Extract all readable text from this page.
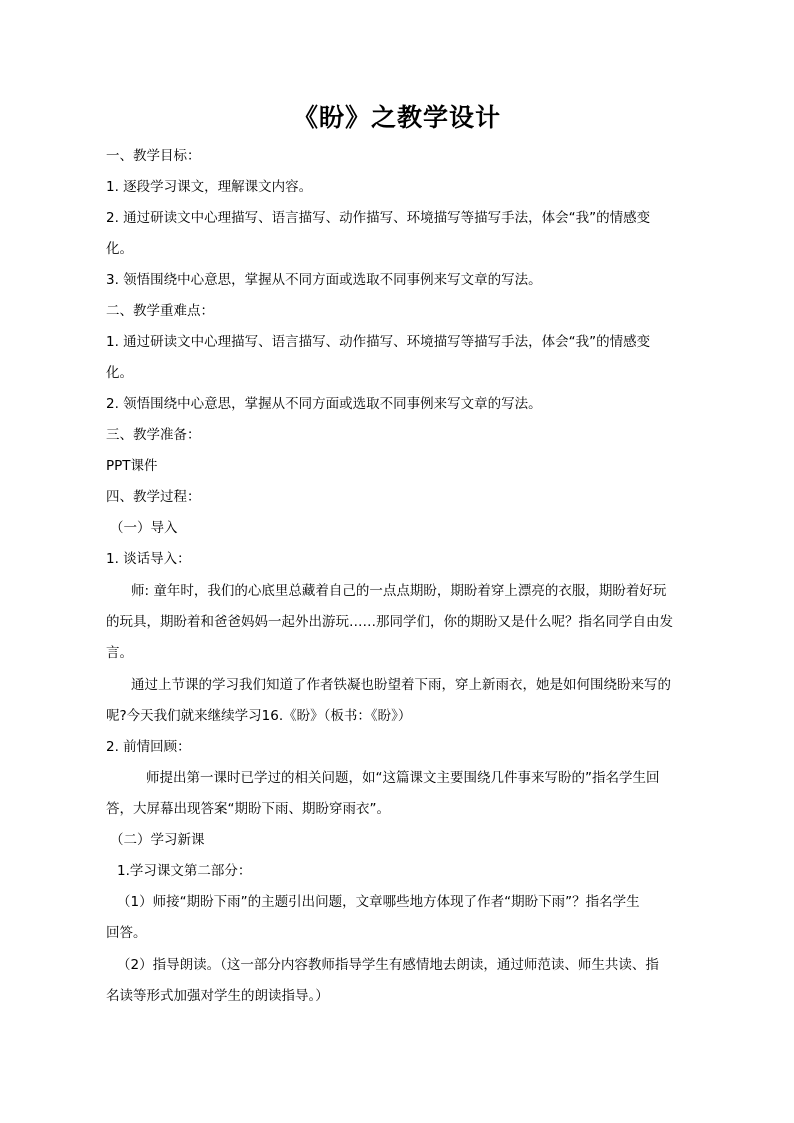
《盼》之教学设计
一、教学目标：
1. 逐段学习课文，理解课文内容。
2. 通过研读文中心理描写、语言描写、动作描写、环境描写等描写手法，体会“我”的情感变
化。
3. 领悟围绕中心意思，掌握从不同方面或选取不同事例来写文章的写法。
二、教学重难点：
1. 通过研读文中心理描写、语言描写、动作描写、环境描写等描写手法，体会“我”的情感变
化。
2. 领悟围绕中心意思，掌握从不同方面或选取不同事例来写文章的写法。
三、教学准备：
PPT课件
四、教学过程：
（一）导入
1. 谈话导入：
师: 童年时，我们的心底里总藏着自己的一点点期盼，期盼着穿上漂亮的衣服，期盼着好玩
的玩具，期盼着和爸爸妈妈一起外出游玩……那同学们，你的期盼又是什么呢？指名同学自由发
言。
通过上节课的学习我们知道了作者铁凝也盼望着下雨，穿上新雨衣，她是如何围绕盼来写的
呢?今天我们就来继续学习16.《盼》（板书：《盼》）
2. 前情回顾：
师提出第一课时已学过的相关问题，如“这篇课文主要围绕几件事来写盼的”指名学生回
答，大屏幕出现答案“期盼下雨、期盼穿雨衣”。
（二）学习新课
1.学习课文第二部分：
（1）师接“期盼下雨”的主题引出问题，文章哪些地方体现了作者“期盼下雨”？指名学生
回答。
（2）指导朗读。（这一部分内容教师指导学生有感情地去朗读，通过师范读、师生共读、指
名读等形式加强对学生的朗读指导。）
